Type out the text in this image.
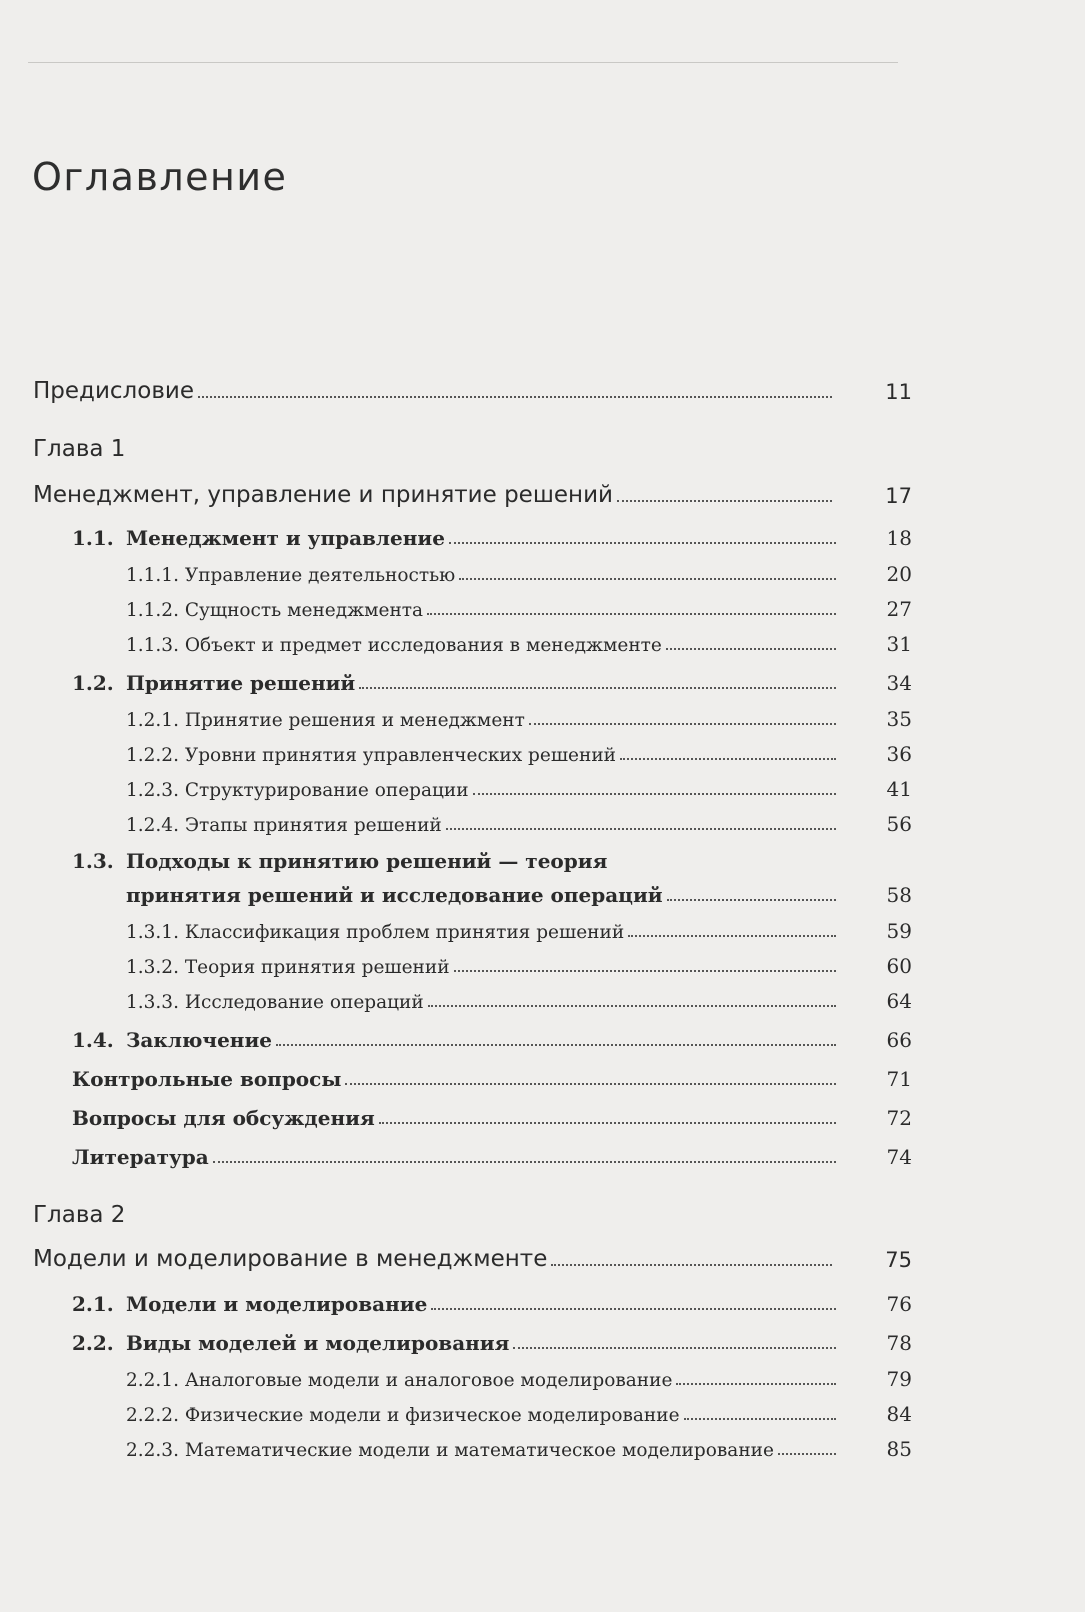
Оглавление
Предисловие	11
Глава 1
Менеджмент, управление и принятие решений	17
1.1. Менеджмент и управление	18
1.1.1. Управление деятельностью	20
1.1.2. Сущность менеджмента	27
1.1.3. Объект и предмет исследования в менеджменте	31
1.2. Принятие решений	34
1.2.1. Принятие решения и менеджмент	35
1.2.2. Уровни принятия управленческих решений	36
1.2.3. Структурирование операции	41
1.2.4. Этапы принятия решений	56
1.3. Подходы к принятию решений — теория
принятия решений и исследование операций	58
1.3.1. Классификация проблем принятия решений	59
1.3.2. Теория принятия решений	60
1.3.3. Исследование операций	64
1.4. Заключение	66
Контрольные вопросы	71
Вопросы для обсуждения	72
Литература	74
Глава 2
Модели и моделирование в менеджменте	75
2.1. Модели и моделирование	76
2.2. Виды моделей и моделирования	78
2.2.1. Аналоговые модели и аналоговое моделирование	79
2.2.2. Физические модели и физическое моделирование	84
2.2.3. Математические модели и математическое моделирование	85
